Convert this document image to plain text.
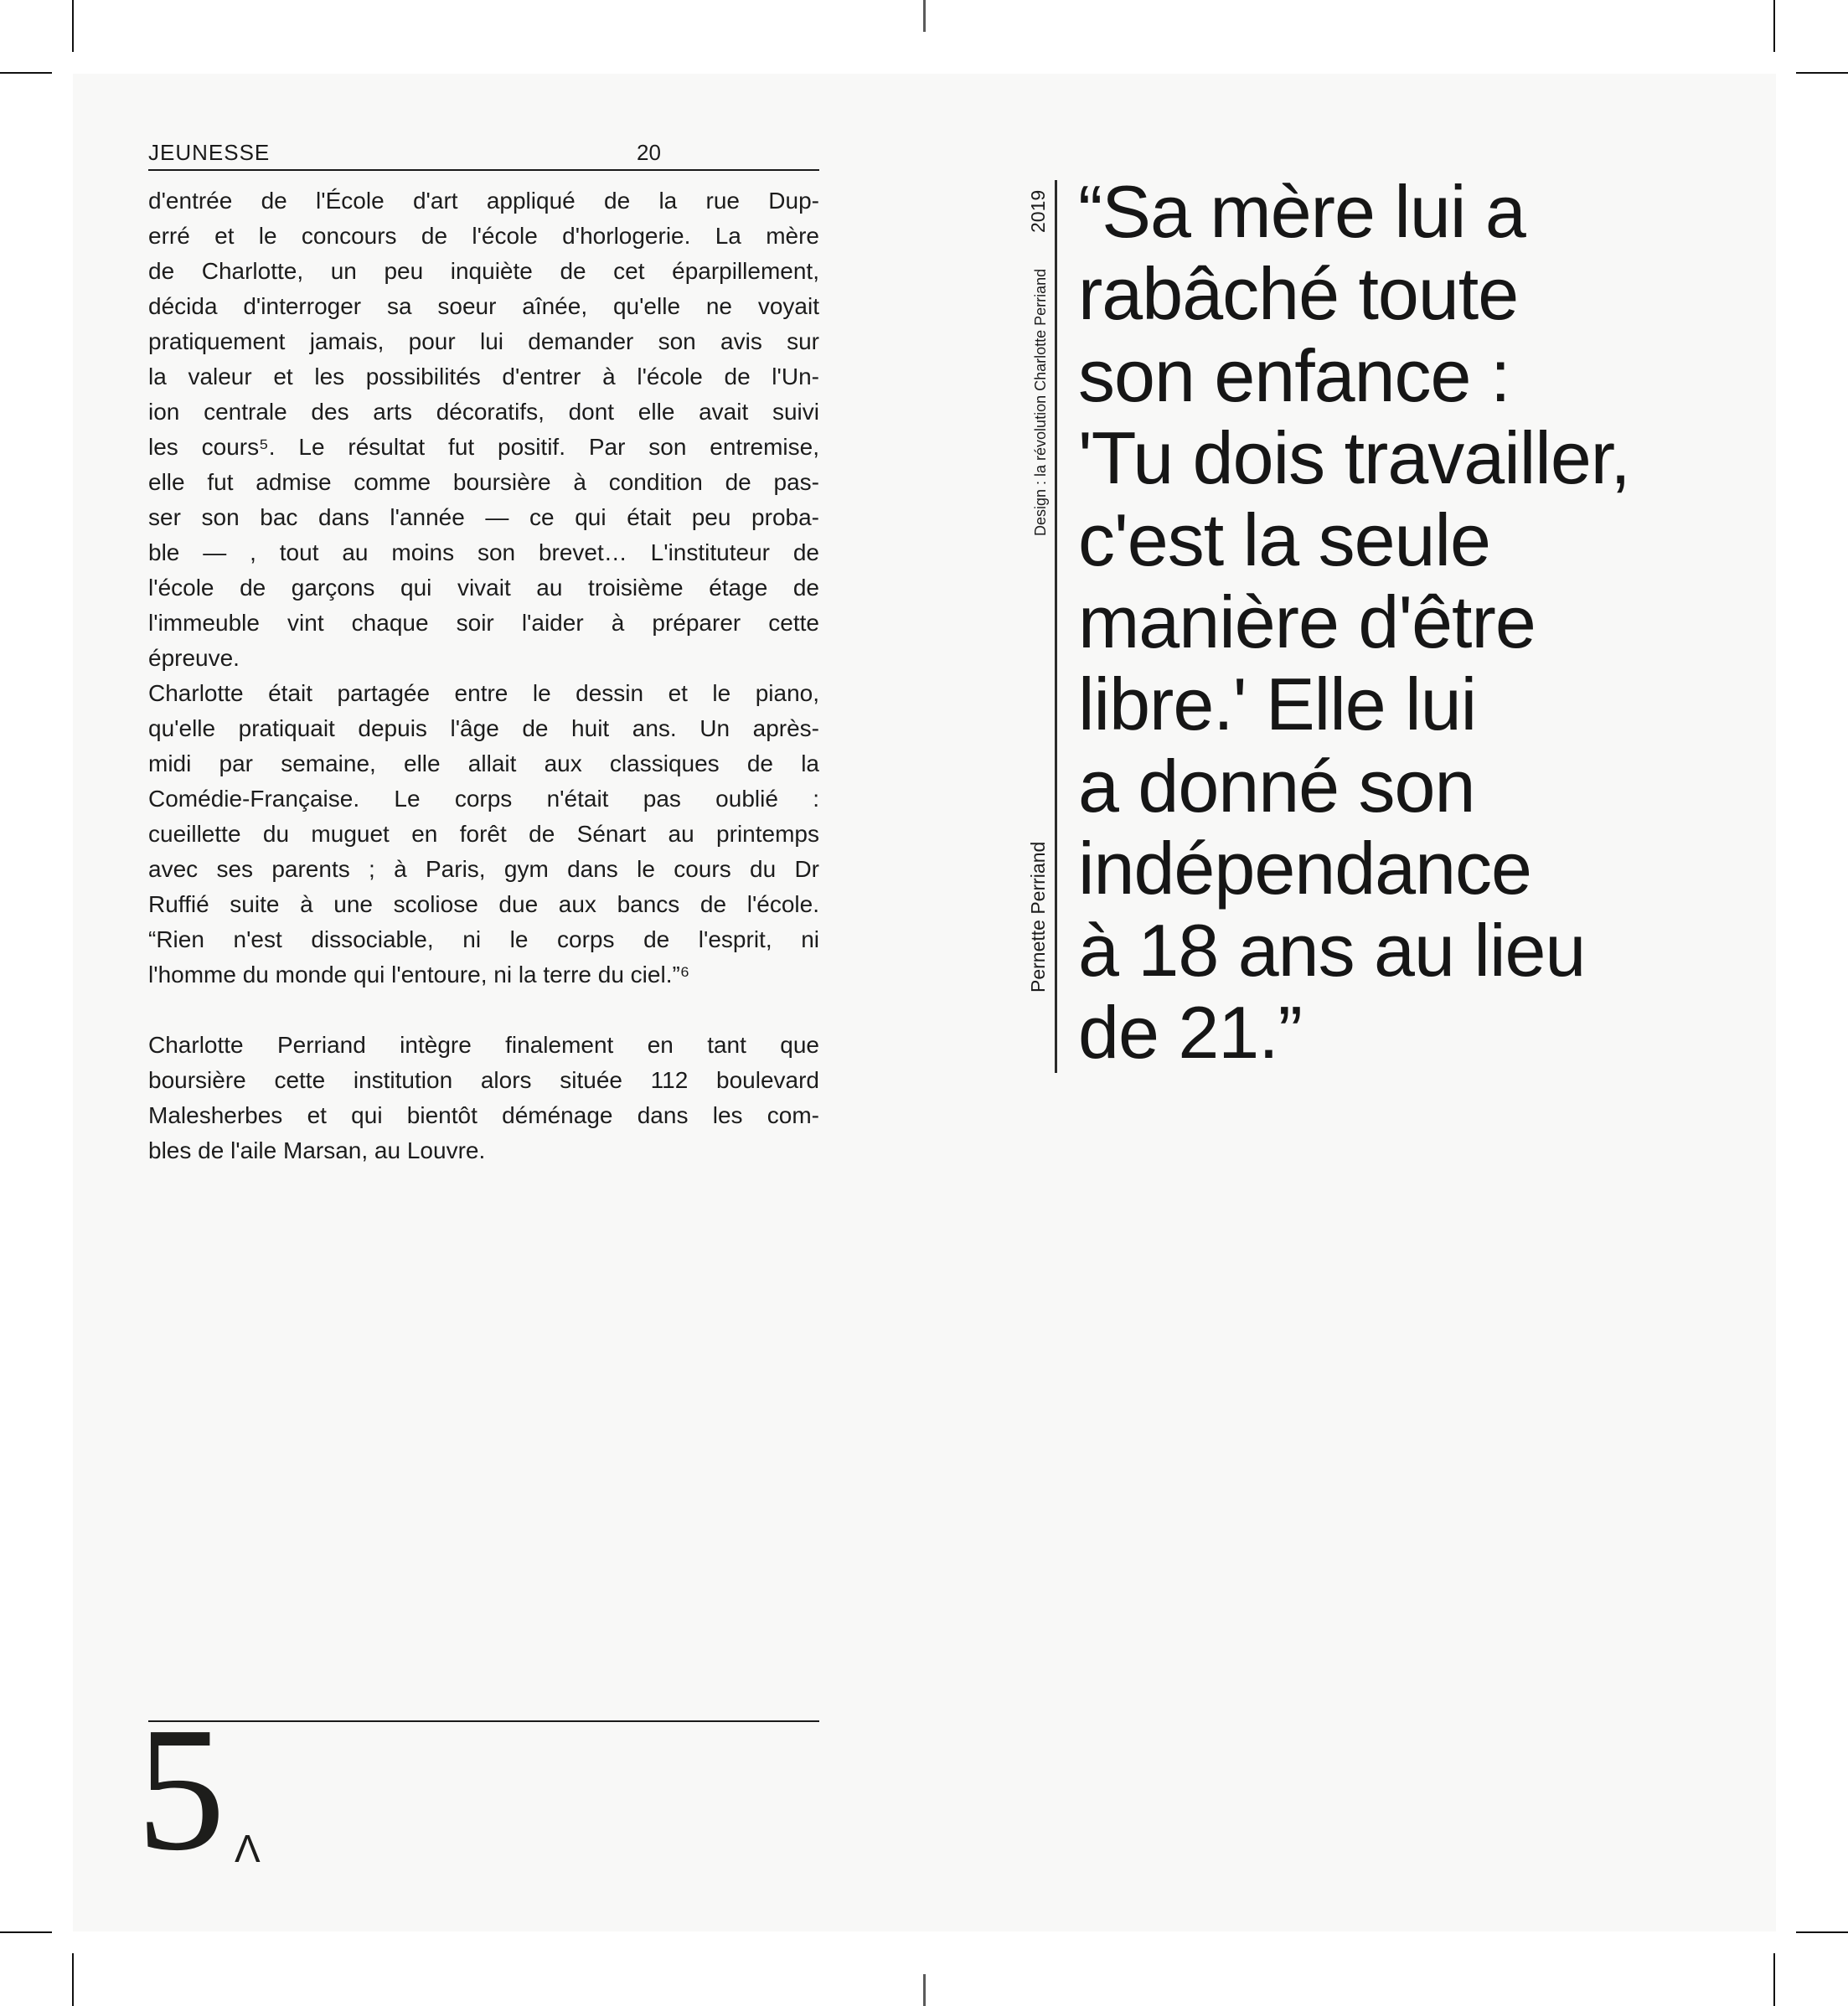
JEUNESSE	20
d'entrée de l'École d'art appliqué de la rue Dup-
erré et le concours de l'école d'horlogerie. La mère
de Charlotte, un peu inquiète de cet éparpillement,
décida d'interroger sa soeur aînée, qu'elle ne voyait
pratiquement jamais, pour lui demander son avis sur
la valeur et les possibilités d'entrer à l'école de l'Un-
ion centrale des arts décoratifs, dont elle avait suivi
les cours⁵. Le résultat fut positif. Par son entremise,
elle fut admise comme boursière à condition de pas-
ser son bac dans l'année — ce qui était peu proba-
ble — , tout au moins son brevet… L'instituteur de
l'école de garçons qui vivait au troisième étage de
l'immeuble vint chaque soir l'aider à préparer cette
épreuve.
Charlotte était partagée entre le dessin et le piano,
qu'elle pratiquait depuis l'âge de huit ans. Un après-
midi par semaine, elle allait aux classiques de la
Comédie-Française. Le corps n'était pas oublié :
cueillette du muguet en forêt de Sénart au printemps
avec ses parents ; à Paris, gym dans le cours du Dr
Ruffié suite à une scoliose due aux bancs de l'école.
“Rien n'est dissociable, ni le corps de l'esprit, ni
l'homme du monde qui l'entoure, ni la terre du ciel.”⁶
Charlotte Perriand intègre finalement en tant que
boursière cette institution alors située 112 boulevard
Malesherbes et qui bientôt déménage dans les com-
bles de l'aile Marsan, au Louvre.
5 Λ
2019
Design : la révolution Charlotte Perriand
Pernette Perriand
“Sa mère lui a
rabâché toute
son enfance :
'Tu dois travailler,
c'est la seule
manière d'être
libre.' Elle lui
a donné son
indépendance
à 18 ans au lieu
de 21.”
